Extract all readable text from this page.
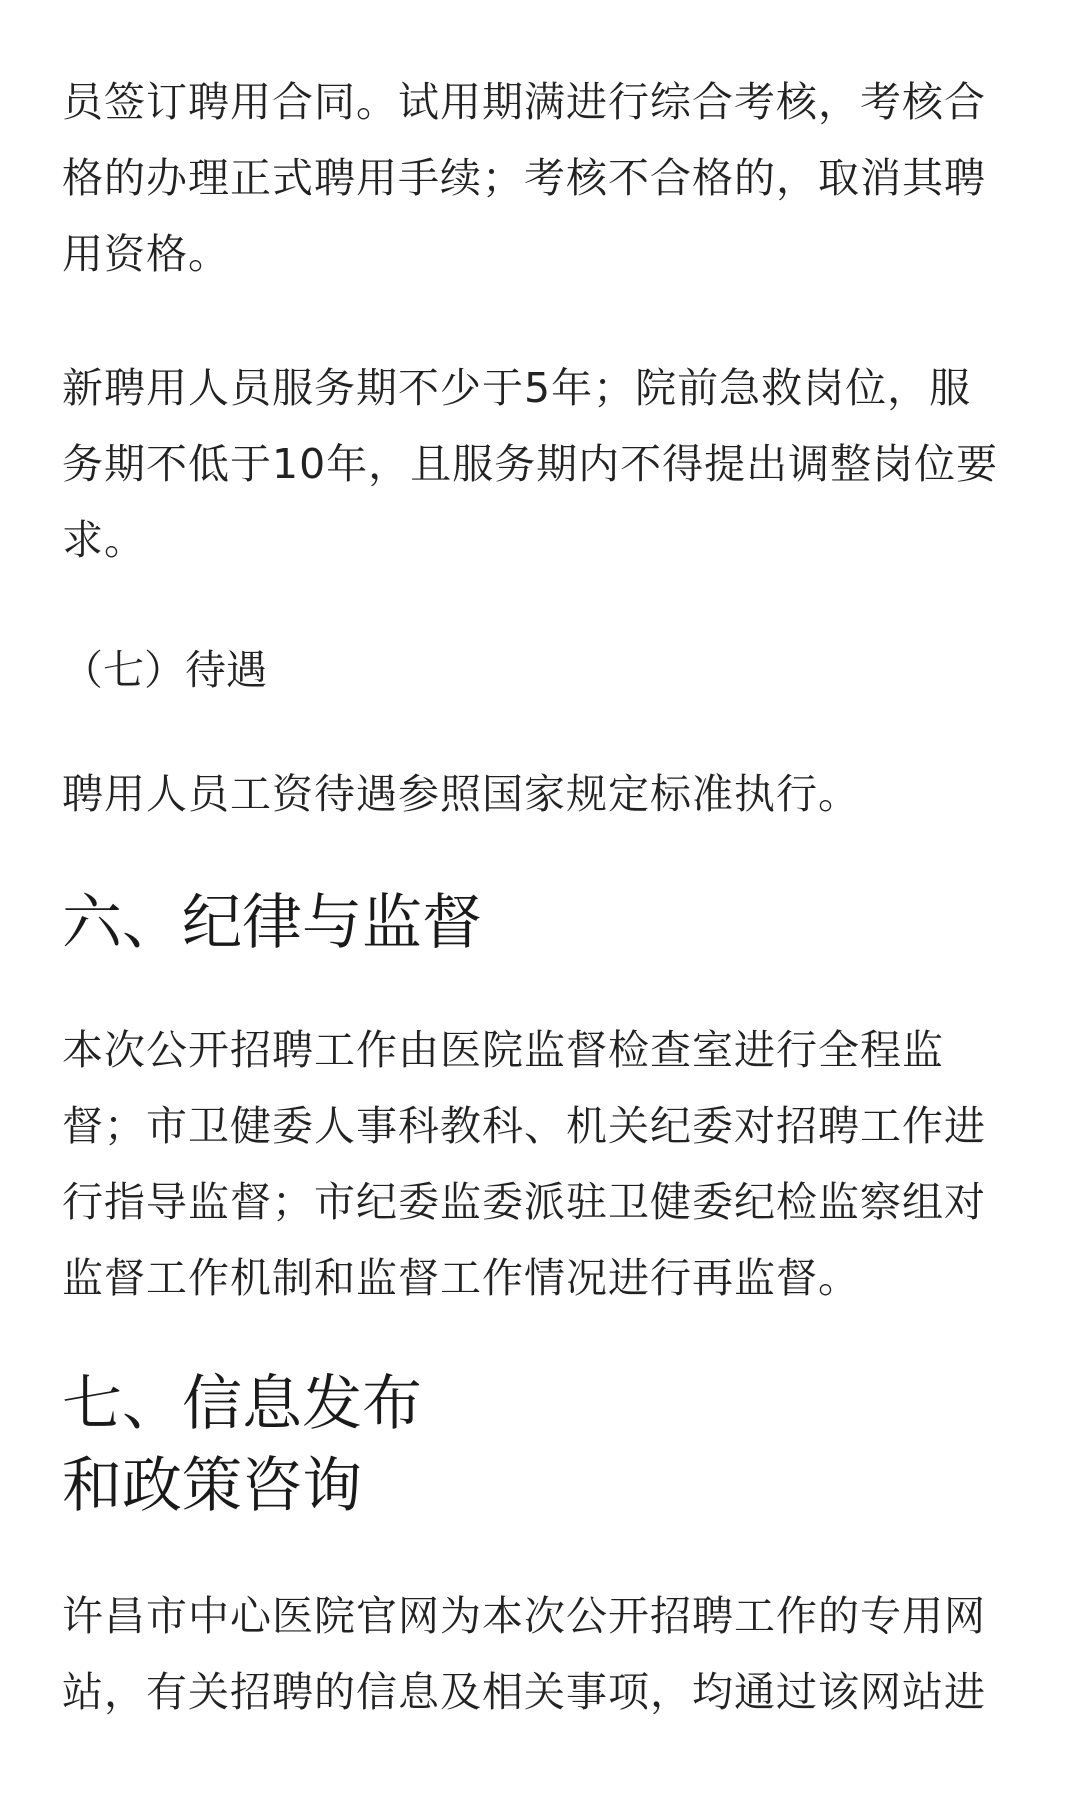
员签订聘用合同。试用期满进行综合考核，考核合
格的办理正式聘用手续；考核不合格的，取消其聘
用资格。

新聘用人员服务期不少于5年；院前急救岗位，服
务期不低于10年，且服务期内不得提出调整岗位要
求。

（七）待遇

聘用人员工资待遇参照国家规定标准执行。

六、纪律与监督

本次公开招聘工作由医院监督检查室进行全程监
督；市卫健委人事科教科、机关纪委对招聘工作进
行指导监督；市纪委监委派驻卫健委纪检监察组对
监督工作机制和监督工作情况进行再监督。

七、信息发布
和政策咨询

许昌市中心医院官网为本次公开招聘工作的专用网
站，有关招聘的信息及相关事项，均通过该网站进
